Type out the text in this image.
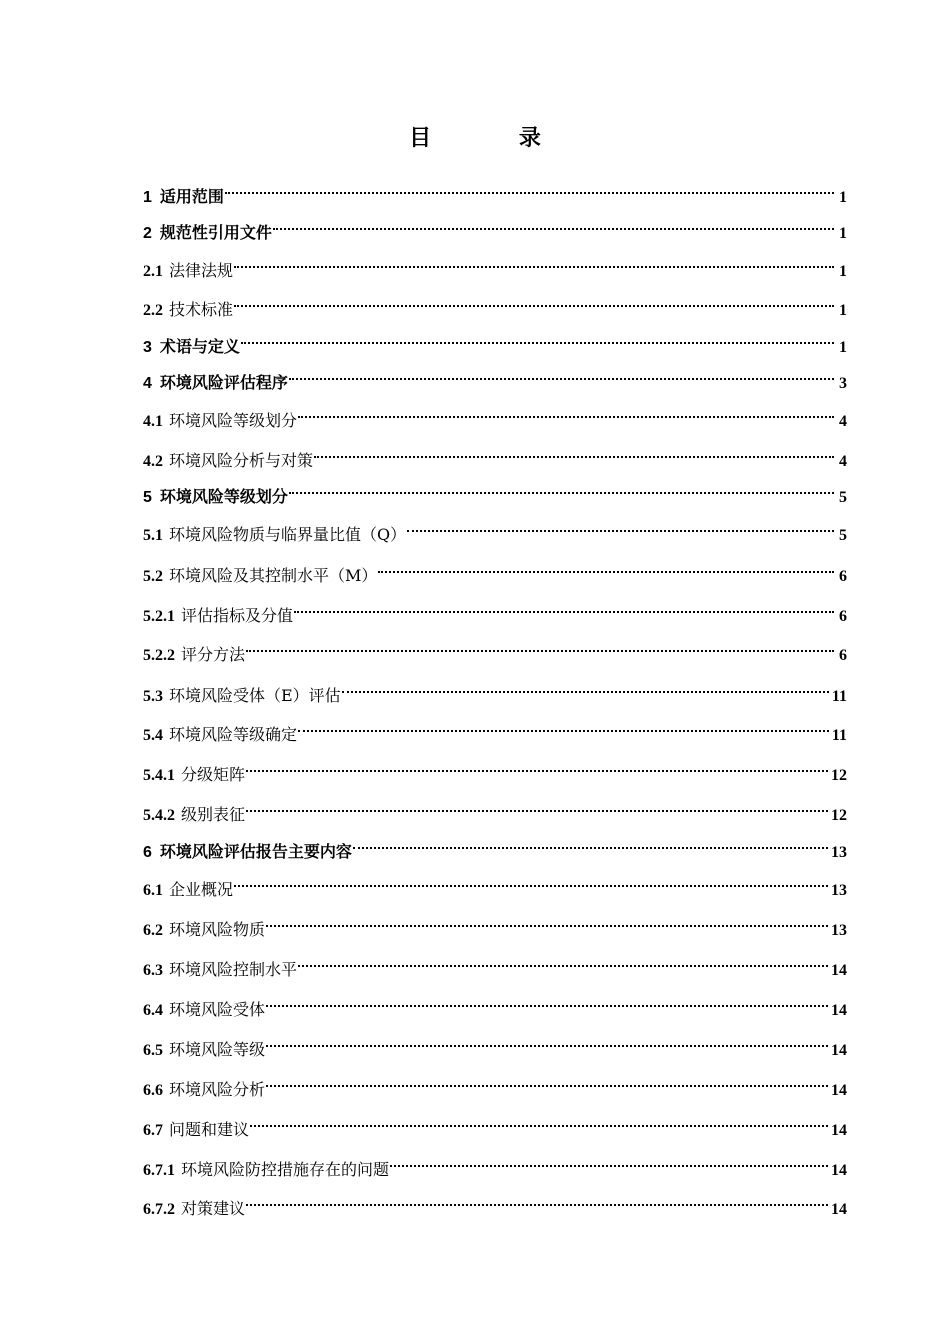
目 录
1 适用范围	1
2 规范性引用文件	1
2.1 法律法规	1
2.2 技术标准	1
3 术语与定义	1
4 环境风险评估程序	3
4.1 环境风险等级划分	4
4.2 环境风险分析与对策	4
5 环境风险等级划分	5
5.1 环境风险物质与临界量比值（Q）	5
5.2 环境风险及其控制水平（M）	6
5.2.1 评估指标及分值	6
5.2.2 评分方法	6
5.3 环境风险受体（E）评估	11
5.4 环境风险等级确定	11
5.4.1 分级矩阵	12
5.4.2 级别表征	12
6 环境风险评估报告主要内容	13
6.1 企业概况	13
6.2 环境风险物质	13
6.3 环境风险控制水平	14
6.4 环境风险受体	14
6.5 环境风险等级	14
6.6 环境风险分析	14
6.7 问题和建议	14
6.7.1 环境风险防控措施存在的问题	14
6.7.2 对策建议	14
